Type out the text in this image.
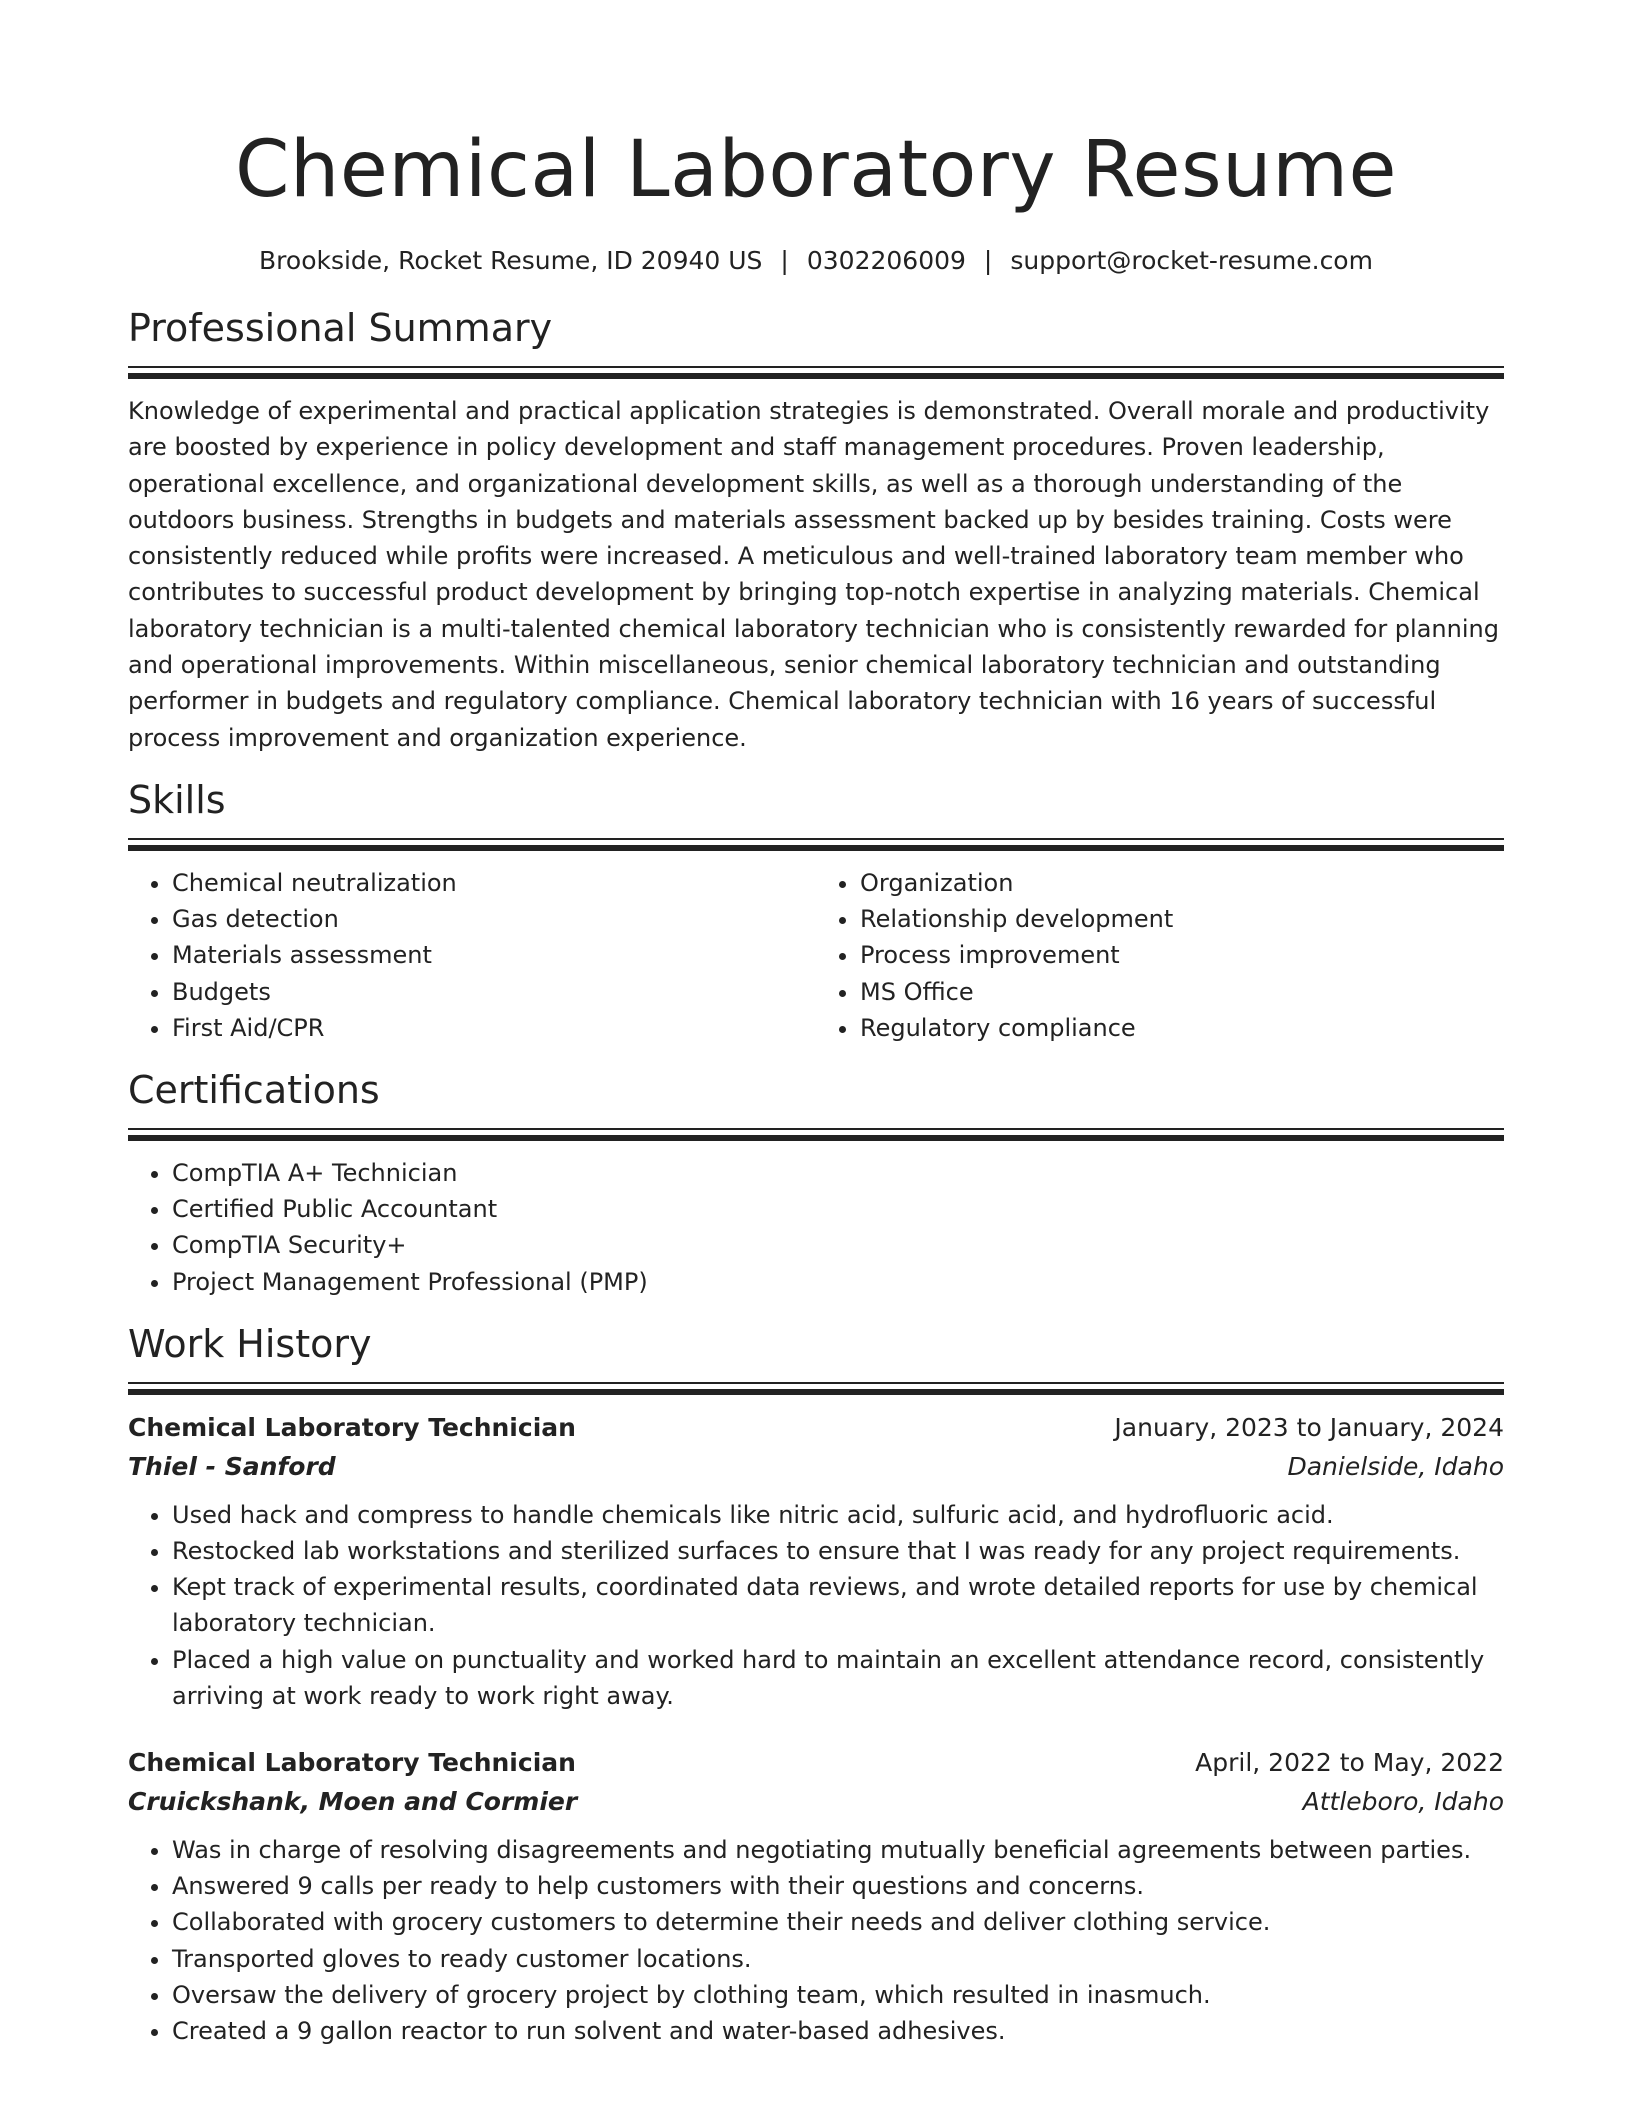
Chemical Laboratory Resume
Brookside, Rocket Resume, ID 20940 US | 0302206009 | support@rocket-resume.com
Professional Summary

Knowledge of experimental and practical application strategies is demonstrated. Overall morale and productivity are boosted by experience in policy development and staff management procedures. Proven leadership, operational excellence, and organizational development skills, as well as a thorough understanding of the outdoors business. Strengths in budgets and materials assessment backed up by besides training. Costs were consistently reduced while profits were increased. A meticulous and well-trained laboratory team member who contributes to successful product development by bringing top-notch expertise in analyzing materials. Chemical laboratory technician is a multi-talented chemical laboratory technician who is consistently rewarded for planning and operational improvements. Within miscellaneous, senior chemical laboratory technician and outstanding performer in budgets and regulatory compliance. Chemical laboratory technician with 16 years of successful process improvement and organization experience.

Skills
• Chemical neutralization
• Gas detection
• Materials assessment
• Budgets
• First Aid/CPR
• Organization
• Relationship development
• Process improvement
• MS Office
• Regulatory compliance
Certifications
• CompTIA A+ Technician
• Certified Public Accountant
• CompTIA Security+
• Project Management Professional (PMP)
Work History
Chemical Laboratory Technician	January, 2023 to January, 2024
Thiel - Sanford	Danielside, Idaho
• Used hack and compress to handle chemicals like nitric acid, sulfuric acid, and hydrofluoric acid.
• Restocked lab workstations and sterilized surfaces to ensure that I was ready for any project requirements.
• Kept track of experimental results, coordinated data reviews, and wrote detailed reports for use by chemical laboratory technician.
• Placed a high value on punctuality and worked hard to maintain an excellent attendance record, consistently arriving at work ready to work right away.
Chemical Laboratory Technician	April, 2022 to May, 2022
Cruickshank, Moen and Cormier	Attleboro, Idaho
• Was in charge of resolving disagreements and negotiating mutually beneficial agreements between parties.
• Answered 9 calls per ready to help customers with their questions and concerns.
• Collaborated with grocery customers to determine their needs and deliver clothing service.
• Transported gloves to ready customer locations.
• Oversaw the delivery of grocery project by clothing team, which resulted in inasmuch.
• Created a 9 gallon reactor to run solvent and water-based adhesives.
